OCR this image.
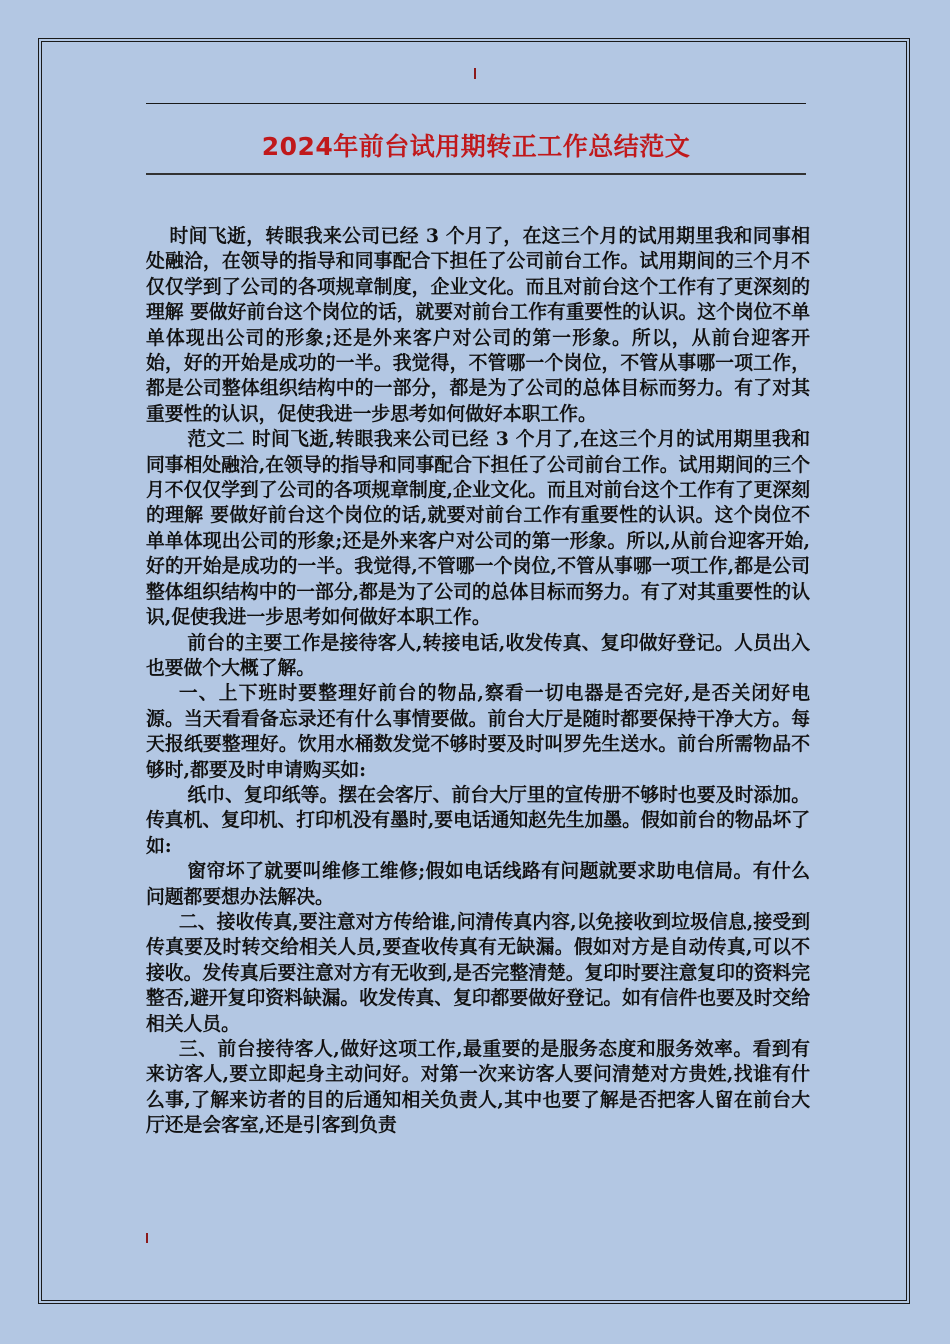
2024年前台试用期转正工作总结范文

时间飞逝，转眼我来公司已经 3 个月了，在这三个月的试用期里我和同事相处融洽，在领导的指导和同事配合下担任了公司前台工作。试用期间的三个月不仅仅学到了公司的各项规章制度，企业文化。而且对前台这个工作有了更深刻的理解 要做好前台这个岗位的话，就要对前台工作有重要性的认识。这个岗位不单单体现出公司的形象;还是外来客户对公司的第一形象。所以，从前台迎客开始，好的开始是成功的一半。我觉得，不管哪一个岗位，不管从事哪一项工作，都是公司整体组织结构中的一部分，都是为了公司的总体目标而努力。有了对其重要性的认识，促使我进一步思考如何做好本职工作。

范文二 时间飞逝,转眼我来公司已经 3 个月了,在这三个月的试用期里我和同事相处融洽,在领导的指导和同事配合下担任了公司前台工作。试用期间的三个月不仅仅学到了公司的各项规章制度,企业文化。而且对前台这个工作有了更深刻的理解 要做好前台这个岗位的话,就要对前台工作有重要性的认识。这个岗位不单单体现出公司的形象;还是外来客户对公司的第一形象。所以,从前台迎客开始,好的开始是成功的一半。我觉得,不管哪一个岗位,不管从事哪一项工作,都是公司整体组织结构中的一部分,都是为了公司的总体目标而努力。有了对其重要性的认识,促使我进一步思考如何做好本职工作。

前台的主要工作是接待客人,转接电话,收发传真、复印做好登记。人员出入也要做个大概了解。

一、上下班时要整理好前台的物品,察看一切电器是否完好,是否关闭好电源。当天看看备忘录还有什么事情要做。前台大厅是随时都要保持干净大方。每天报纸要整理好。饮用水桶数发觉不够时要及时叫罗先生送水。前台所需物品不够时,都要及时申请购买如:

纸巾、复印纸等。摆在会客厅、前台大厅里的宣传册不够时也要及时添加。传真机、复印机、打印机没有墨时,要电话通知赵先生加墨。假如前台的物品坏了如:

窗帘坏了就要叫维修工维修;假如电话线路有问题就要求助电信局。有什么问题都要想办法解决。

二、接收传真,要注意对方传给谁,问清传真内容,以免接收到垃圾信息,接受到传真要及时转交给相关人员,要查收传真有无缺漏。假如对方是自动传真,可以不接收。发传真后要注意对方有无收到,是否完整清楚。复印时要注意复印的资料完整否,避开复印资料缺漏。收发传真、复印都要做好登记。如有信件也要及时交给相关人员。

三、前台接待客人,做好这项工作,最重要的是服务态度和服务效率。看到有来访客人,要立即起身主动问好。对第一次来访客人要问清楚对方贵姓,找谁有什么事,了解来访者的目的后通知相关负责人,其中也要了解是否把客人留在前台大厅还是会客室,还是引客到负责
